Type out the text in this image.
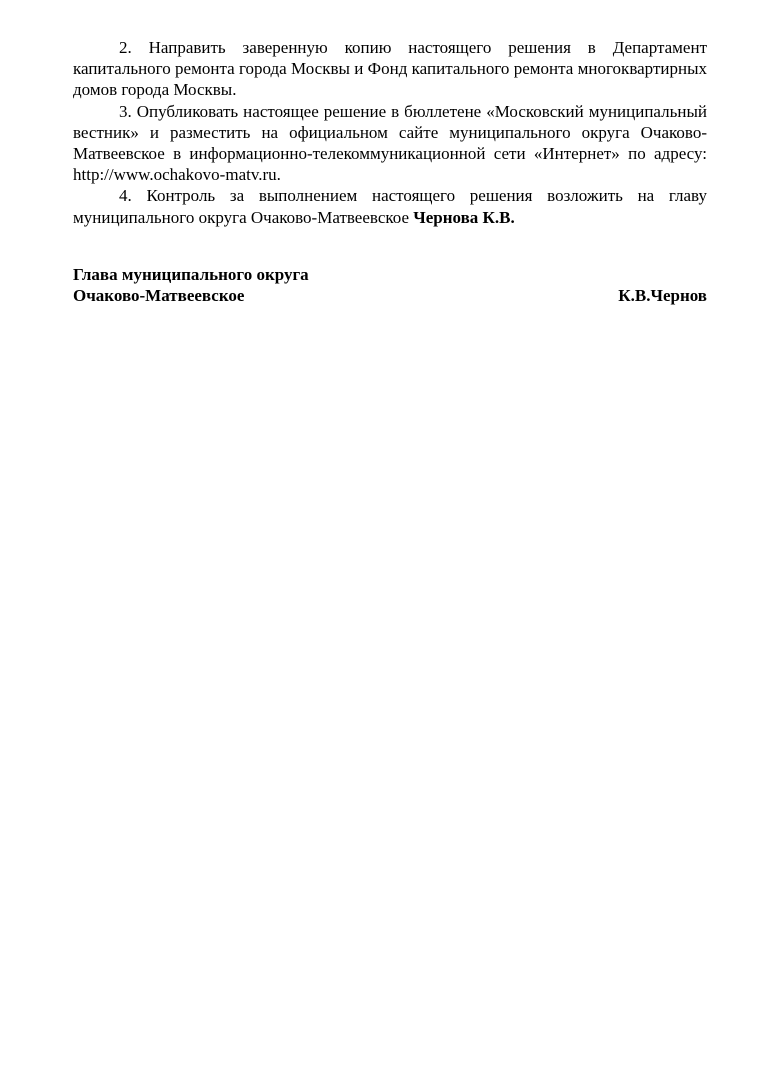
2. Направить заверенную копию настоящего решения в Департамент капитального ремонта города Москвы и Фонд капитального ремонта многоквартирных домов города Москвы.

3. Опубликовать настоящее решение в бюллетене «Московский муниципальный вестник» и разместить на официальном сайте муниципального округа Очаково-Матвеевское в информационно-телекоммуникационной сети «Интернет» по адресу: http://www.ochakovo-matv.ru.

4. Контроль за выполнением настоящего решения возложить на главу муниципального округа Очаково-Матвеевское Чернова К.В.

Глава муниципального округа
Очаково-Матвеевское	К.В.Чернов
